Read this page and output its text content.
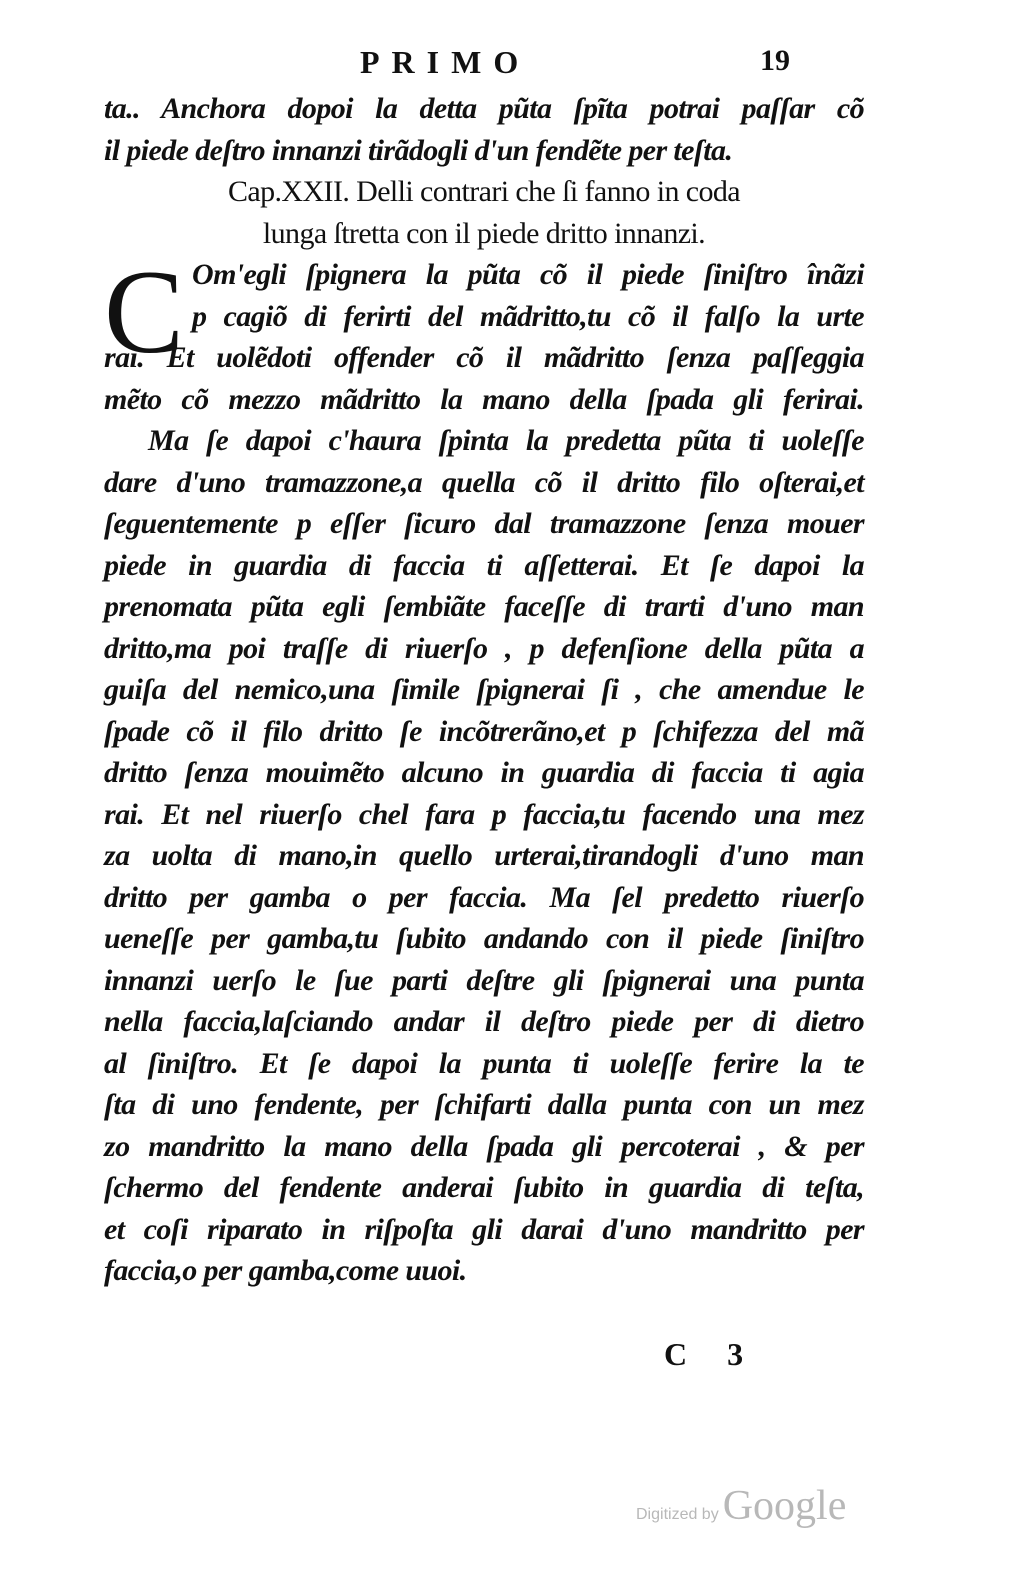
PRIMO	19
C
ta.. Anchora dopoi la detta pũta ſpĩta potrai paſſar cõ
il piede deſtro innanzi tirãdogli d'un fendẽte per teſta.
Cap.XXII. Delli contrari che ſi fanno in coda
lunga ſtretta con il piede dritto innanzi.
Om'egli ſpignera la pũta cõ il piede ſiniſtro înãzi
p cagiõ di ferirti del mãdritto,tu cõ il falſo la urte
rai. Et uolẽdoti offender cõ il mãdritto ſenza paſſeggia
mẽto cõ mezzo mãdritto la mano della ſpada gli ferirai.
Ma ſe dapoi c'haura ſpinta la predetta pũta ti uoleſſe
dare d'uno tramazzone,a quella cõ il dritto filo oſterai,et
ſeguentemente p eſſer ſicuro dal tramazzone ſenza mouer
piede in guardia di faccia ti aſſetterai. Et ſe dapoi la
prenomata pũta egli ſembiãte faceſſe di trarti d'uno man
dritto,ma poi traſſe di riuerſo , p defenſione della pũta a
guiſa del nemico,una ſimile ſpignerai ſi , che amendue le
ſpade cõ il filo dritto ſe incõtrerãno,et p ſchifezza del mã
dritto ſenza mouimẽto alcuno in guardia di faccia ti agia
rai. Et nel riuerſo chel fara p faccia,tu facendo una mez
za uolta di mano,in quello urterai,tirandogli d'uno man
dritto per gamba o per faccia. Ma ſel predetto riuerſo
ueneſſe per gamba,tu ſubito andando con il piede ſiniſtro
innanzi uerſo le ſue parti deſtre gli ſpignerai una punta
nella faccia,laſciando andar il deſtro piede per di dietro
al ſiniſtro. Et ſe dapoi la punta ti uoleſſe ferire la te
ſta di uno fendente, per ſchifarti dalla punta con un mez
zo mandritto la mano della ſpada gli percoterai , & per
ſchermo del fendente anderai ſubito in guardia di teſta,
et coſi riparato in riſpoſta gli darai d'uno mandritto per
faccia,o per gamba,come uuoi.
C 3
Digitized by Google
